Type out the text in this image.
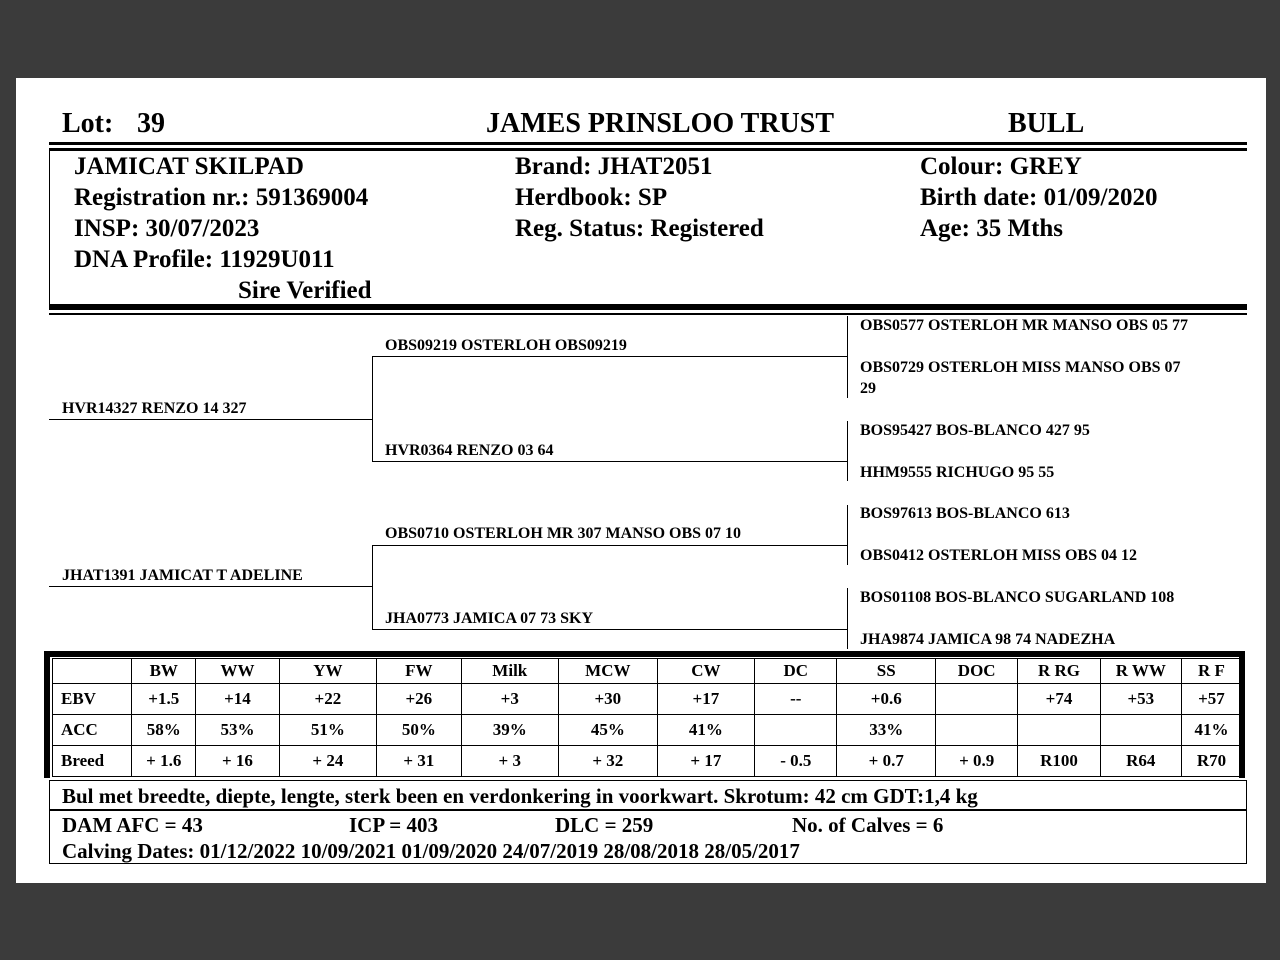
Lot: 39	JAMES PRINSLOO TRUST	BULL
JAMICAT SKILPAD
Registration nr.: 591369004
INSP: 30/07/2023
DNA Profile: 11929U011
Sire Verified
Brand: JHAT2051
Herdbook: SP
Reg. Status: Registered
Colour: GREY
Birth date: 01/09/2020
Age: 35 Mths
HVR14327 RENZO 14 327
JHAT1391 JAMICAT T ADELINE
OBS09219 OSTERLOH OBS09219
HVR0364 RENZO 03 64
OBS0710 OSTERLOH MR 307 MANSO OBS 07 10
JHA0773 JAMICA 07 73 SKY
OBS0577 OSTERLOH MR MANSO OBS 05 77
OBS0729 OSTERLOH MISS MANSO OBS 07
29
BOS95427 BOS-BLANCO 427 95
HHM9555 RICHUGO 95 55
BOS97613 BOS-BLANCO 613
OBS0412 OSTERLOH MISS OBS 04 12
BOS01108 BOS-BLANCO SUGARLAND 108
JHA9874 JAMICA 98 74 NADEZHA
	BW	WW	YW	FW	Milk	MCW	CW	DC	SS	DOC	R RG	R WW	R F
EBV	+1.5	+14	+22	+26	+3	+30	+17	--	+0.6		+74	+53	+57
ACC	58%	53%	51%	50%	39%	45%	41%		33%				41%
Breed	+ 1.6	+ 16	+ 24	+ 31	+ 3	+ 32	+ 17	- 0.5	+ 0.7	+ 0.9	R100	R64	R70
Bul met breedte, diepte, lengte, sterk been en verdonkering in voorkwart. Skrotum: 42 cm GDT:1,4 kg
DAM AFC = 43	ICP = 403	DLC = 259	No. of Calves = 6
Calving Dates: 01/12/2022 10/09/2021 01/09/2020 24/07/2019 28/08/2018 28/05/2017
